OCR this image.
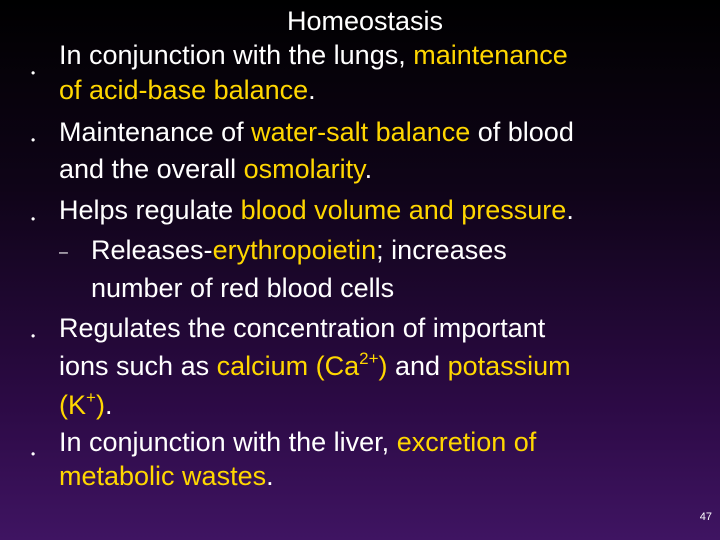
Homeostasis
•
In conjunction with the lungs, maintenance
of acid-base balance.
• Maintenance of water-salt balance of blood
and the overall osmolarity.
• Helps regulate blood volume and pressure.
– Releases-erythropoietin; increases
number of red blood cells
• Regulates the concentration of important
ions such as calcium $(Ca^{2+})$ and potassium
(K+).
• In conjunction with the liver, excretion of
metabolic wastes.
47
